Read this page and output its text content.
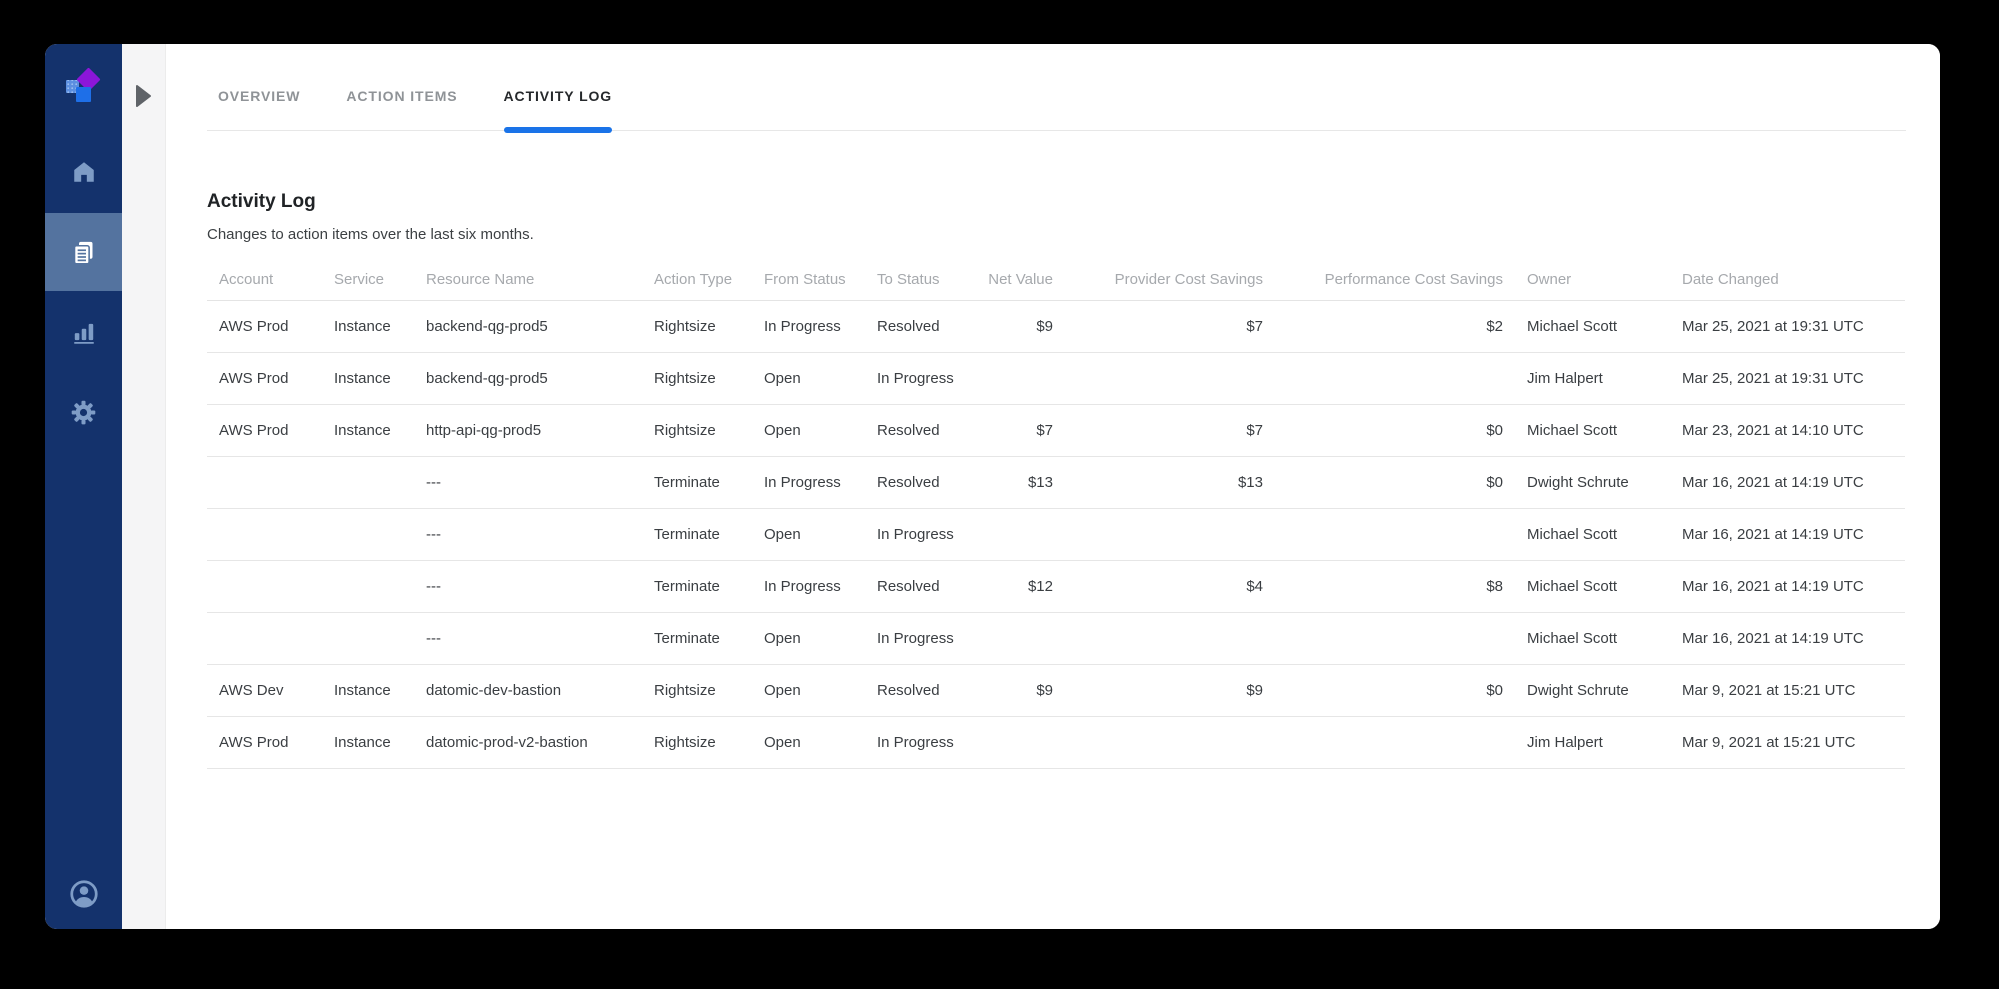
OVERVIEW	ACTION ITEMS	ACTIVITY LOG
Activity Log
Changes to action items over the last six months.
Account	Service	Resource Name	Action Type	From Status	To Status	Net Value	Provider Cost Savings	Performance Cost Savings	Owner	Date Changed
AWS Prod	Instance	backend-qg-prod5	Rightsize	In Progress	Resolved	$9	$7	$2	Michael Scott	Mar 25, 2021 at 19:31 UTC
AWS Prod	Instance	backend-qg-prod5	Rightsize	Open	In Progress				Jim Halpert	Mar 25, 2021 at 19:31 UTC
AWS Prod	Instance	http-api-qg-prod5	Rightsize	Open	Resolved	$7	$7	$0	Michael Scott	Mar 23, 2021 at 14:10 UTC
		---	Terminate	In Progress	Resolved	$13	$13	$0	Dwight Schrute	Mar 16, 2021 at 14:19 UTC
		---	Terminate	Open	In Progress				Michael Scott	Mar 16, 2021 at 14:19 UTC
		---	Terminate	In Progress	Resolved	$12	$4	$8	Michael Scott	Mar 16, 2021 at 14:19 UTC
		---	Terminate	Open	In Progress				Michael Scott	Mar 16, 2021 at 14:19 UTC
AWS Dev	Instance	datomic-dev-bastion	Rightsize	Open	Resolved	$9	$9	$0	Dwight Schrute	Mar 9, 2021 at 15:21 UTC
AWS Prod	Instance	datomic-prod-v2-bastion	Rightsize	Open	In Progress				Jim Halpert	Mar 9, 2021 at 15:21 UTC
